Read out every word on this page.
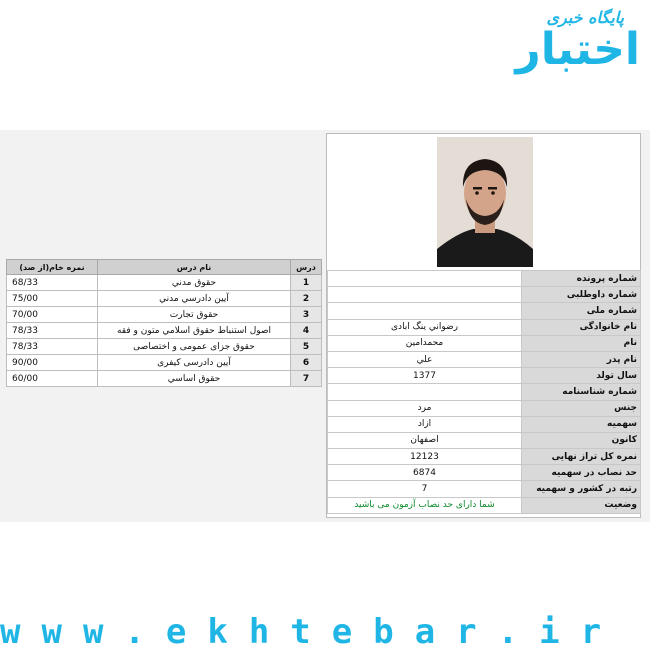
پایگاه خبری
اختبار
شماره پرونده	
شماره داوطلبی	
شماره ملی	
نام خانوادگی	رضواني ينگ ابادی
نام	محمدامين
نام پدر	علي
سال تولد	1377
شماره شناسنامه	
جنس	مرد
سهمیه	ازاد
کانون	اصفهان
نمره کل تراز نهایی	12123
حد نصاب در سهمیه	6874
رتبه در کشور و سهمیه	7
وضعیت	شما دارای حد نصاب آزمون می باشید
درس	نام درس	نمره خام(از صد)
1	حقوق مدني	68/33
2	آيين دادرسي مدني	75/00
3	حقوق تجارت	70/00
4	اصول استنباط حقوق اسلامي متون و فقه	78/33
5	حقوق جزای عمومی و اختصاصی	78/33
6	آيين دادرسی کيفری	90/00
7	حقوق اساسي	60/00
www.ekhtebar.ir
